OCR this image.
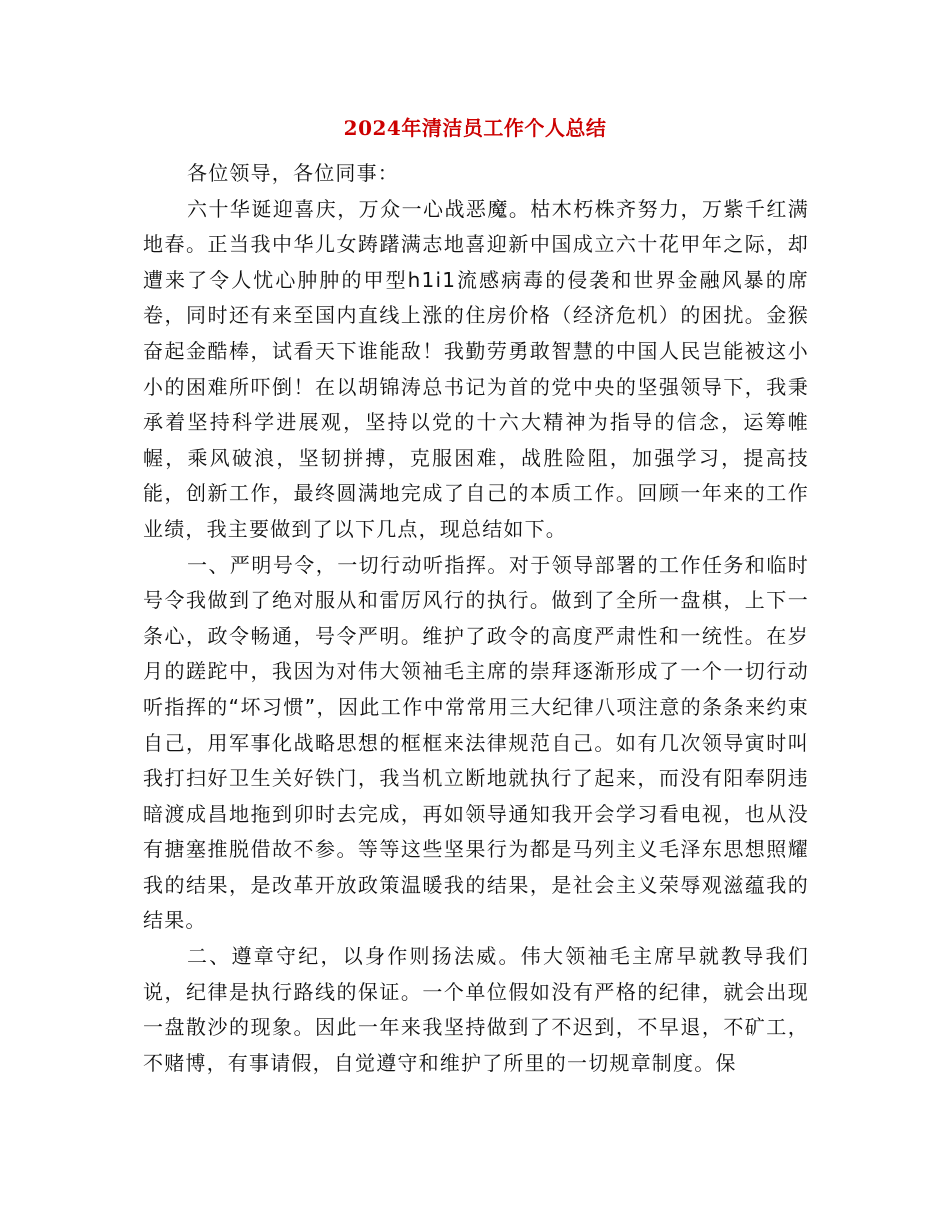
2024年清洁员工作个人总结

各位领导，各位同事：

六十华诞迎喜庆，万众一心战恶魔。枯木朽株齐努力，万紫千红满地春。正当我中华儿女踌躇满志地喜迎新中国成立六十花甲年之际，却遭来了令人忧心肿肿的甲型h1i1流感病毒的侵袭和世界金融风暴的席卷，同时还有来至国内直线上涨的住房价格（经济危机）的困扰。金猴奋起金酷棒，试看天下谁能敌！我勤劳勇敢智慧的中国人民岂能被这小小的困难所吓倒！在以胡锦涛总书记为首的党中央的坚强领导下，我秉承着坚持科学进展观，坚持以党的十六大精神为指导的信念，运筹帷幄，乘风破浪，坚韧拼搏，克服困难，战胜险阻，加强学习，提高技能，创新工作，最终圆满地完成了自己的本质工作。回顾一年来的工作业绩，我主要做到了以下几点，现总结如下。

一、严明号令，一切行动听指挥。对于领导部署的工作任务和临时号令我做到了绝对服从和雷厉风行的执行。做到了全所一盘棋，上下一条心，政令畅通，号令严明。维护了政令的高度严肃性和一统性。在岁月的蹉跎中，我因为对伟大领袖毛主席的崇拜逐渐形成了一个一切行动听指挥的“坏习惯”，因此工作中常常用三大纪律八项注意的条条来约束自己，用军事化战略思想的框框来法律规范自己。如有几次领导寅时叫我打扫好卫生关好铁门，我当机立断地就执行了起来，而没有阳奉阴违暗渡成昌地拖到卯时去完成，再如领导通知我开会学习看电视，也从没有搪塞推脱借故不参。等等这些坚果行为都是马列主义毛泽东思想照耀我的结果，是改革开放政策温暖我的结果，是社会主义荣辱观滋蕴我的结果。

二、遵章守纪，以身作则扬法威。伟大领袖毛主席早就教导我们说，纪律是执行路线的保证。一个单位假如没有严格的纪律，就会出现一盘散沙的现象。因此一年来我坚持做到了不迟到，不早退，不矿工，不赌博，有事请假，自觉遵守和维护了所里的一切规章制度。保
